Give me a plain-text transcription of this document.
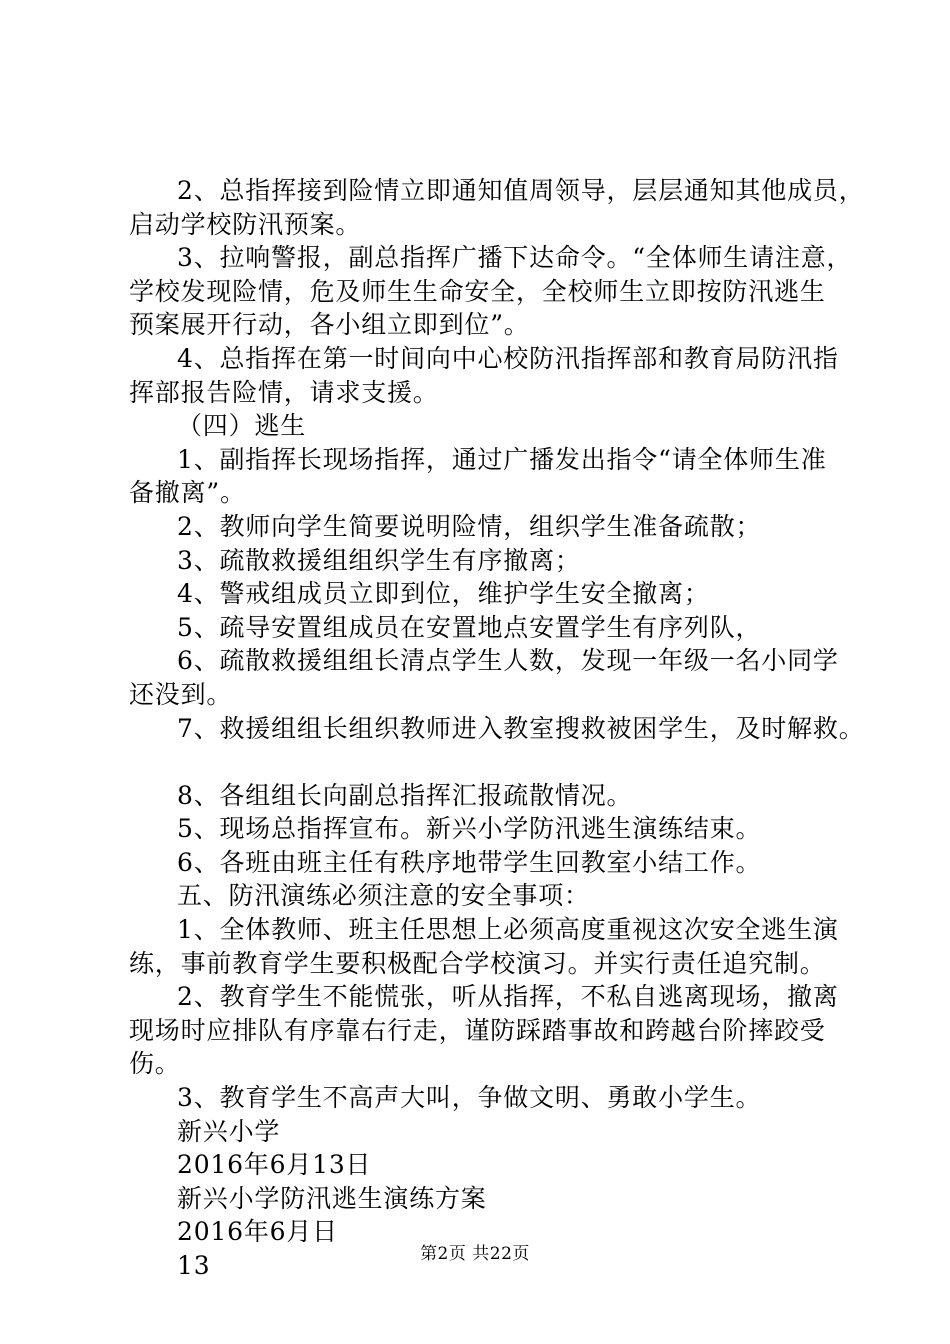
2、总指挥接到险情立即通知值周领导，层层通知其他成员，
启动学校防汛预案。
3、拉响警报，副总指挥广播下达命令。“全体师生请注意，
学校发现险情，危及师生生命安全，全校师生立即按防汛逃生
预案展开行动，各小组立即到位”。
4、总指挥在第一时间向中心校防汛指挥部和教育局防汛指
挥部报告险情，请求支援。
（四）逃生
1、副指挥长现场指挥，通过广播发出指令“请全体师生准
备撤离”。
2、教师向学生简要说明险情，组织学生准备疏散；
3、疏散救援组组织学生有序撤离；
4、警戒组成员立即到位，维护学生安全撤离；
5、疏导安置组成员在安置地点安置学生有序列队，
6、疏散救援组组长清点学生人数，发现一年级一名小同学
还没到。
7、救援组组长组织教师进入教室搜救被困学生，及时解救。
8、各组组长向副总指挥汇报疏散情况。
5、现场总指挥宣布。新兴小学防汛逃生演练结束。
6、各班由班主任有秩序地带学生回教室小结工作。
五、防汛演练必须注意的安全事项：
1、全体教师、班主任思想上必须高度重视这次安全逃生演
练，事前教育学生要积极配合学校演习。并实行责任追究制。
2、教育学生不能慌张，听从指挥，不私自逃离现场，撤离
现场时应排队有序靠右行走，谨防踩踏事故和跨越台阶摔跤受
伤。
3、教育学生不高声大叫，争做文明、勇敢小学生。
新兴小学
2016年6月13日
新兴小学防汛逃生演练方案
2016年6月日
13	第2页 共22页
